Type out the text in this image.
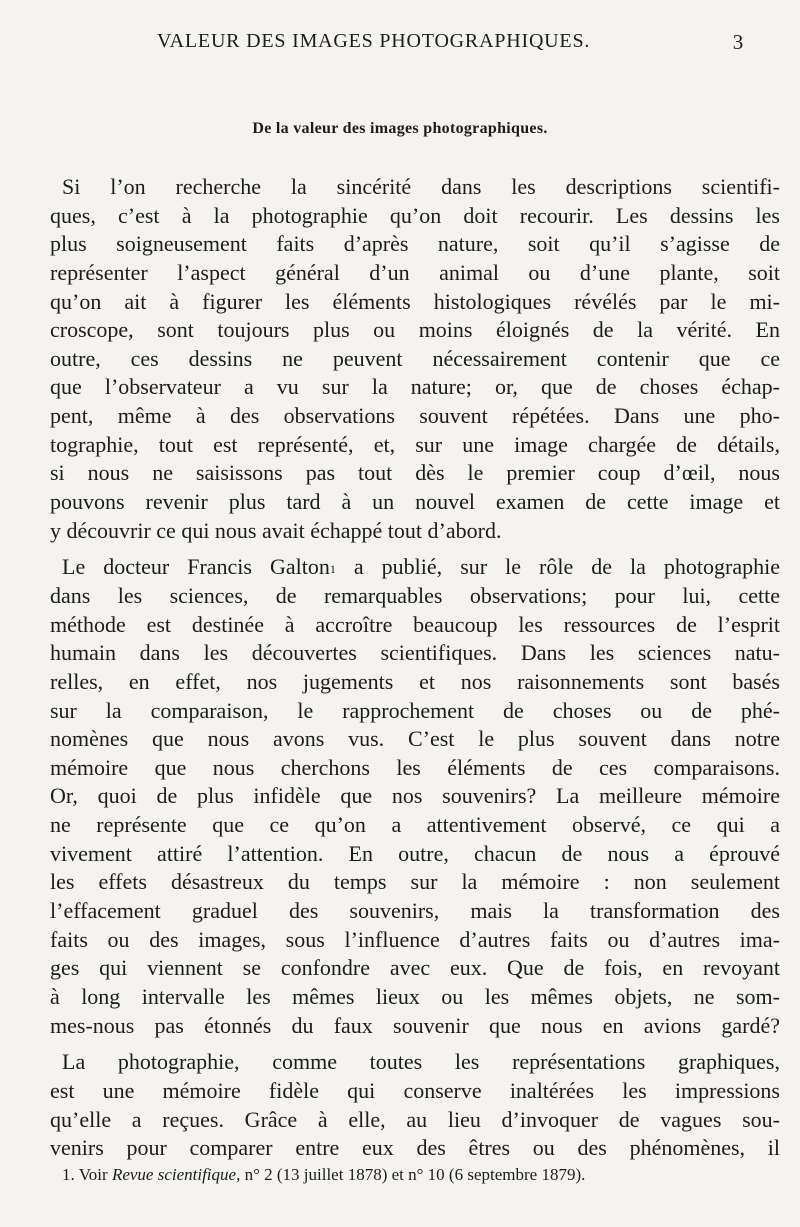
VALEUR DES IMAGES PHOTOGRAPHIQUES.	3
De la valeur des images photographiques.

Si l’on recherche la sincérité dans les descriptions scientifi-
ques, c’est à la photographie qu’on doit recourir. Les dessins les
plus soigneusement faits d’après nature, soit qu’il s’agisse de
représenter l’aspect général d’un animal ou d’une plante, soit
qu’on ait à figurer les éléments histologiques révélés par le mi-
croscope, sont toujours plus ou moins éloignés de la vérité. En
outre, ces dessins ne peuvent nécessairement contenir que ce
que l’observateur a vu sur la nature; or, que de choses échap-
pent, même à des observations souvent répétées. Dans une pho-
tographie, tout est représenté, et, sur une image chargée de détails,
si nous ne saisissons pas tout dès le premier coup d’œil, nous
pouvons revenir plus tard à un nouvel examen de cette image et
y découvrir ce qui nous avait échappé tout d’abord.

Le docteur Francis Galton$^1$ a publié, sur le rôle de la photographie
dans les sciences, de remarquables observations; pour lui, cette
méthode est destinée à accroître beaucoup les ressources de l’esprit
humain dans les découvertes scientifiques. Dans les sciences natu-
relles, en effet, nos jugements et nos raisonnements sont basés
sur la comparaison, le rapprochement de choses ou de phé-
nomènes que nous avons vus. C’est le plus souvent dans notre
mémoire que nous cherchons les éléments de ces comparaisons.
Or, quoi de plus infidèle que nos souvenirs? La meilleure mémoire
ne représente que ce qu’on a attentivement observé, ce qui a
vivement attiré l’attention. En outre, chacun de nous a éprouvé
les effets désastreux du temps sur la mémoire : non seulement
l’effacement graduel des souvenirs, mais la transformation des
faits ou des images, sous l’influence d’autres faits ou d’autres ima-
ges qui viennent se confondre avec eux. Que de fois, en revoyant
à long intervalle les mêmes lieux ou les mêmes objets, ne som-
mes-nous pas étonnés du faux souvenir que nous en avions gardé?

La photographie, comme toutes les représentations graphiques,
est une mémoire fidèle qui conserve inaltérées les impressions
qu’elle a reçues. Grâce à elle, au lieu d’invoquer de vagues sou-
venirs pour comparer entre eux des êtres ou des phénomènes, il

1. Voir Revue scientifique, n° 2 (13 juillet 1878) et n° 10 (6 septembre 1879).
